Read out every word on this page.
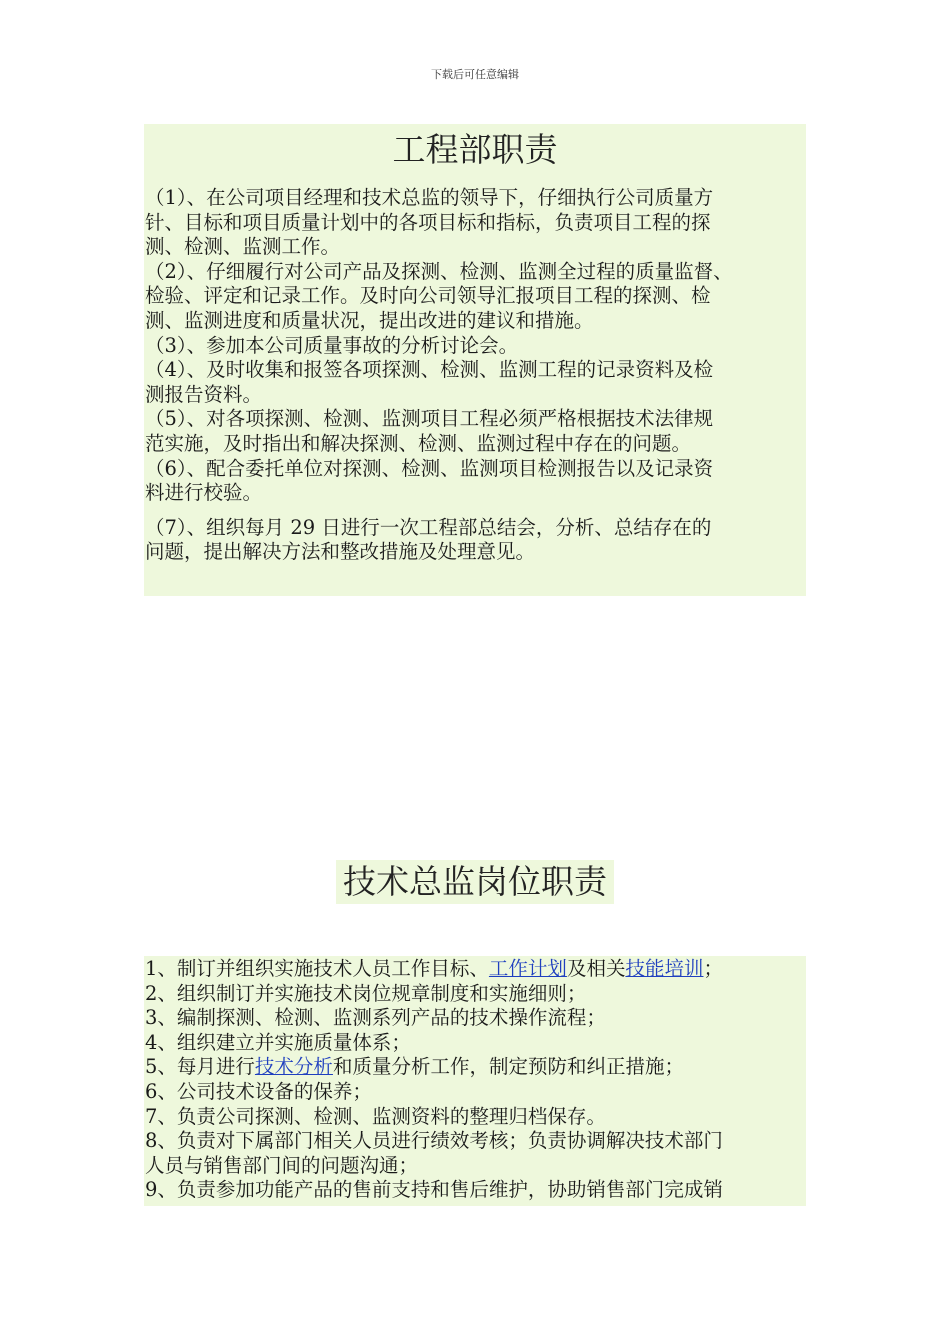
下载后可任意编辑
工程部职责

（1）、在公司项目经理和技术总监的领导下，仔细执行公司质量方

针、目标和项目质量计划中的各项目标和指标，负责项目工程的探

测、检测、监测工作。

（2）、仔细履行对公司产品及探测、检测、监测全过程的质量监督、

检验、评定和记录工作。及时向公司领导汇报项目工程的探测、检

测、监测进度和质量状况，提出改进的建议和措施。

（3）、参加本公司质量事故的分析讨论会。

（4）、及时收集和报签各项探测、检测、监测工程的记录资料及检

测报告资料。

（5）、对各项探测、检测、监测项目工程必须严格根据技术法律规

范实施，及时指出和解决探测、检测、监测过程中存在的问题。

（6）、配合委托单位对探测、检测、监测项目检测报告以及记录资

料进行校验。

（7）、组织每月 29 日进行一次工程部总结会，分析、总结存在的

问题，提出解决方法和整改措施及处理意见。

技术总监岗位职责

1、制订并组织实施技术人员工作目标、工作计划及相关技能培训；

2、组织制订并实施技术岗位规章制度和实施细则；

3、编制探测、检测、监测系列产品的技术操作流程；

4、组织建立并实施质量体系；

5、每月进行技术分析和质量分析工作，制定预防和纠正措施；

6、公司技术设备的保养；

7、负责公司探测、检测、监测资料的整理归档保存。

8、负责对下属部门相关人员进行绩效考核；负责协调解决技术部门

人员与销售部门间的问题沟通；

9、负责参加功能产品的售前支持和售后维护，协助销售部门完成销
